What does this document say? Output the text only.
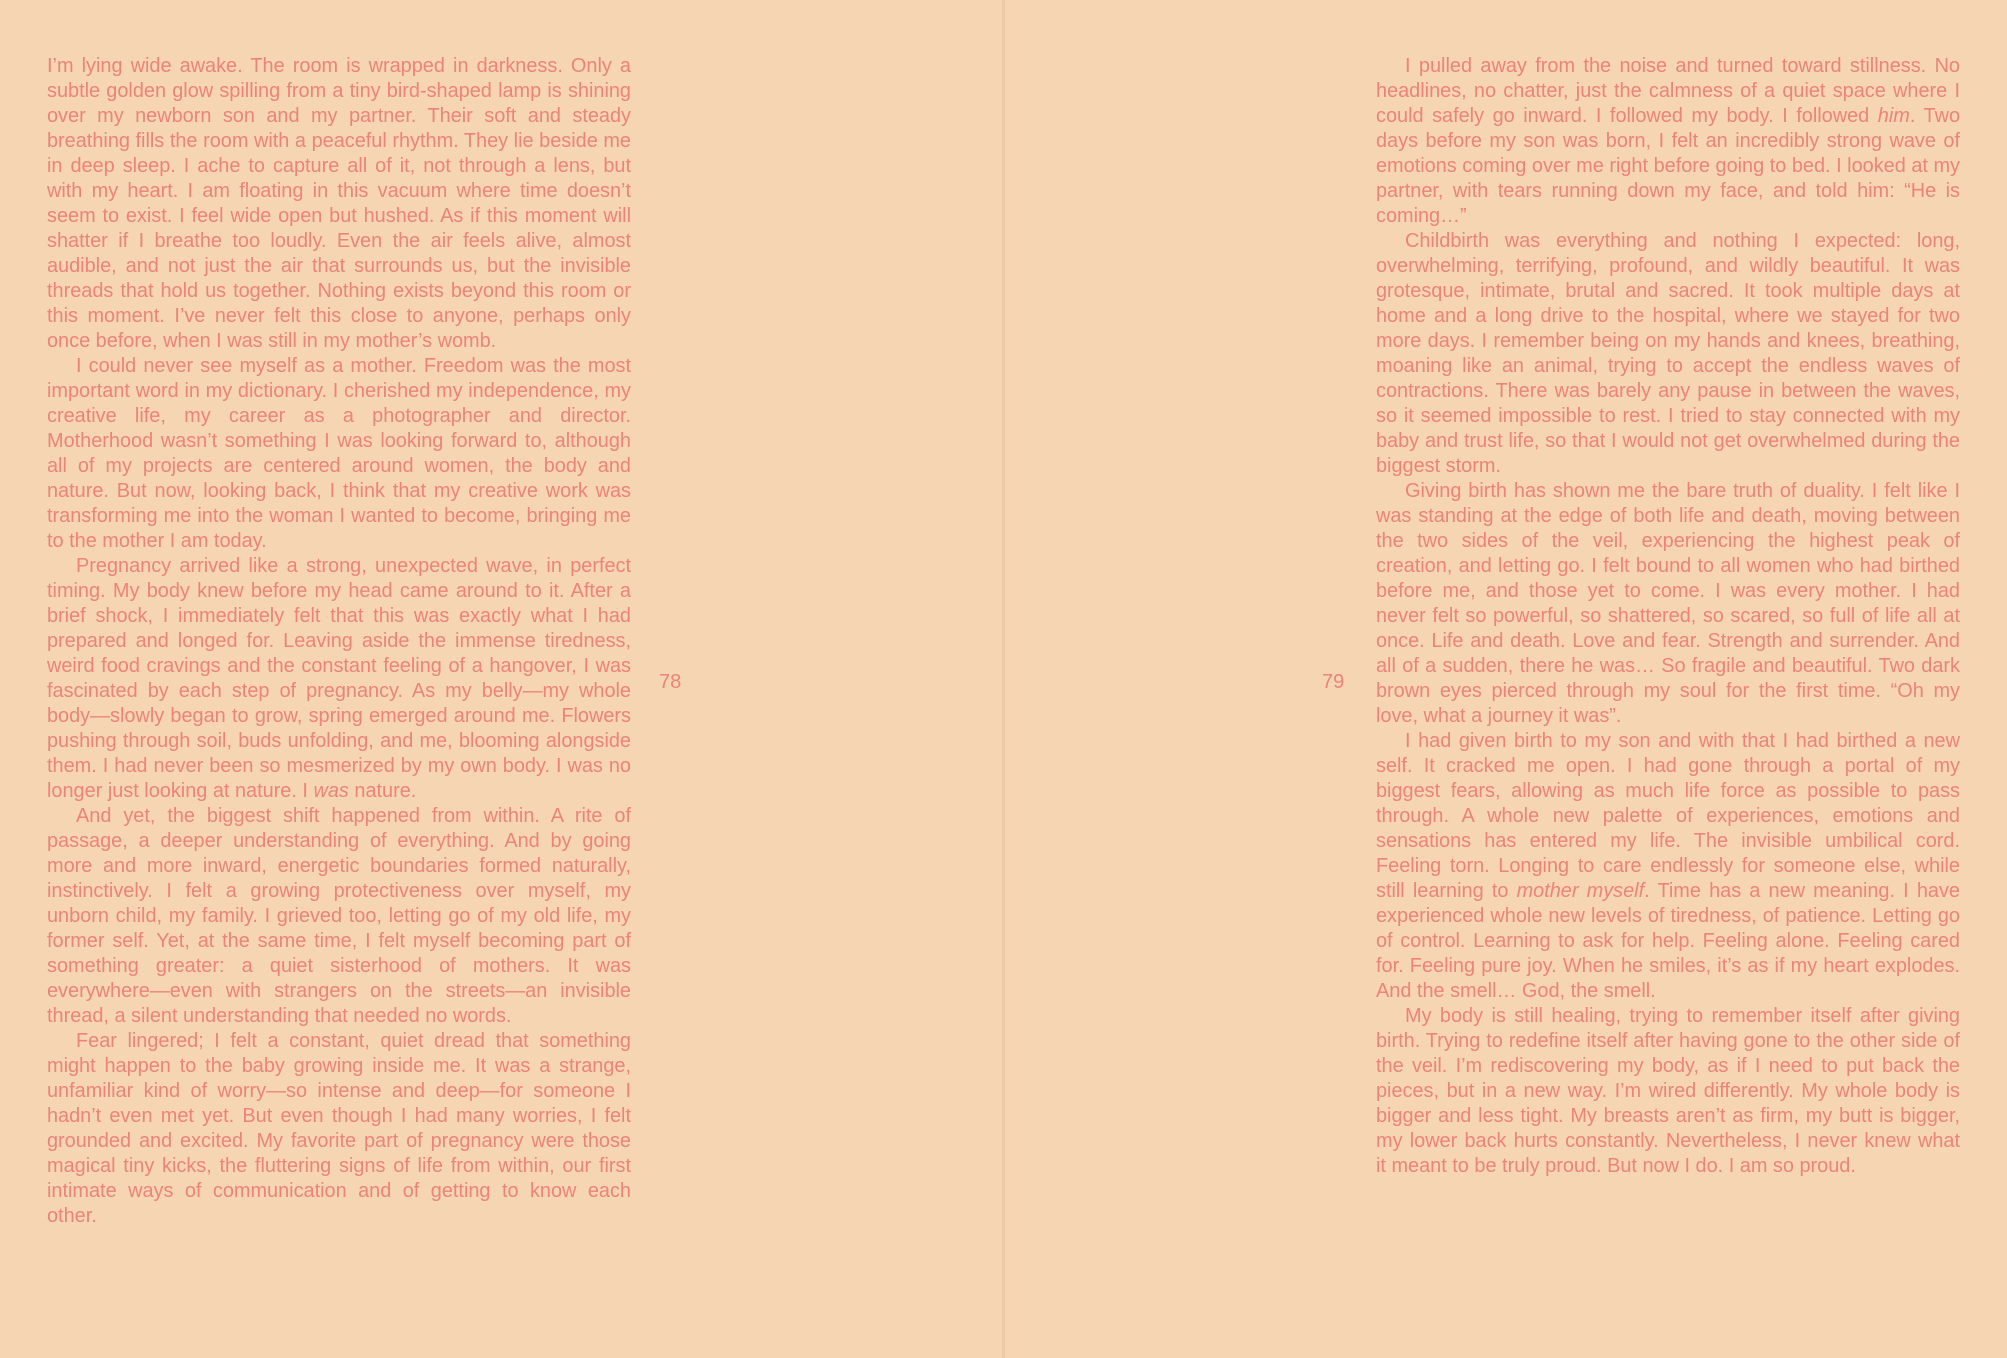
I’m lying wide awake. The room is wrapped in darkness. Only a subtle golden glow spilling from a tiny bird-shaped lamp is shining over my newborn son and my partner. Their soft and steady breathing fills the room with a peaceful rhythm. They lie beside me in deep sleep. I ache to capture all of it, not through a lens, but with my heart. I am floating in this vacuum where time doesn’t seem to exist. I feel wide open but hushed. As if this moment will shatter if I breathe too loudly. Even the air feels alive, almost audible, and not just the air that surrounds us, but the invisible threads that hold us together. Nothing exists beyond this room or this moment. I’ve never felt this close to anyone, perhaps only once before, when I was still in my mother’s womb.

I could never see myself as a mother. Freedom was the most important word in my dictionary. I cherished my independence, my creative life, my career as a photographer and director. Motherhood wasn’t something I was looking forward to, although all of my projects are centered around women, the body and nature. But now, looking back, I think that my creative work was transforming me into the woman I wanted to become, bringing me to the mother I am today.

Pregnancy arrived like a strong, unexpected wave, in perfect timing. My body knew before my head came around to it. After a brief shock, I immediately felt that this was exactly what I had prepared and longed for. Leaving aside the immense tiredness, weird food cravings and the constant feeling of a hangover, I was fascinated by each step of pregnancy. As my belly—my whole body—slowly began to grow, spring emerged around me. Flowers pushing through soil, buds unfolding, and me, blooming alongside them. I had never been so mesmerized by my own body. I was no longer just looking at nature. I was nature.

And yet, the biggest shift happened from within. A rite of passage, a deeper understanding of everything. And by going more and more inward, energetic boundaries formed naturally, instinctively. I felt a growing protectiveness over myself, my unborn child, my family. I grieved too, letting go of my old life, my former self. Yet, at the same time, I felt myself becoming part of something greater: a quiet sisterhood of mothers. It was everywhere—even with strangers on the streets—an invisible thread, a silent understanding that needed no words.

Fear lingered; I felt a constant, quiet dread that something might happen to the baby growing inside me. It was a strange, unfamiliar kind of worry—so intense and deep—for someone I hadn’t even met yet. But even though I had many worries, I felt grounded and excited. My favorite part of pregnancy were those magical tiny kicks, the fluttering signs of life from within, our first intimate ways of communication and of getting to know each other.

78	79

I pulled away from the noise and turned toward stillness. No headlines, no chatter, just the calmness of a quiet space where I could safely go inward. I followed my body. I followed him. Two days before my son was born, I felt an incredibly strong wave of emotions coming over me right before going to bed. I looked at my partner, with tears running down my face, and told him: “He is coming…”

Childbirth was everything and nothing I expected: long, overwhelming, terrifying, profound, and wildly beautiful. It was grotesque, intimate, brutal and sacred. It took multiple days at home and a long drive to the hospital, where we stayed for two more days. I remember being on my hands and knees, breathing, moaning like an animal, trying to accept the endless waves of contractions. There was barely any pause in between the waves, so it seemed impossible to rest. I tried to stay connected with my baby and trust life, so that I would not get overwhelmed during the biggest storm.

Giving birth has shown me the bare truth of duality. I felt like I was standing at the edge of both life and death, moving between the two sides of the veil, experiencing the highest peak of creation, and letting go. I felt bound to all women who had birthed before me, and those yet to come. I was every mother. I had never felt so powerful, so shattered, so scared, so full of life all at once. Life and death. Love and fear. Strength and surrender. And all of a sudden, there he was… So fragile and beautiful. Two dark brown eyes pierced through my soul for the first time. “Oh my love, what a journey it was”.

I had given birth to my son and with that I had birthed a new self. It cracked me open. I had gone through a portal of my biggest fears, allowing as much life force as possible to pass through. A whole new palette of experiences, emotions and sensations has entered my life. The invisible umbilical cord. Feeling torn. Longing to care endlessly for someone else, while still learning to mother myself. Time has a new meaning. I have experienced whole new levels of tiredness, of patience. Letting go of control. Learning to ask for help. Feeling alone. Feeling cared for. Feeling pure joy. When he smiles, it’s as if my heart explodes. And the smell… God, the smell.

My body is still healing, trying to remember itself after giving birth. Trying to redefine itself after having gone to the other side of the veil. I’m rediscovering my body, as if I need to put back the pieces, but in a new way. I’m wired differently. My whole body is bigger and less tight. My breasts aren’t as firm, my butt is bigger, my lower back hurts constantly. Nevertheless, I never knew what it meant to be truly proud. But now I do. I am so proud.
